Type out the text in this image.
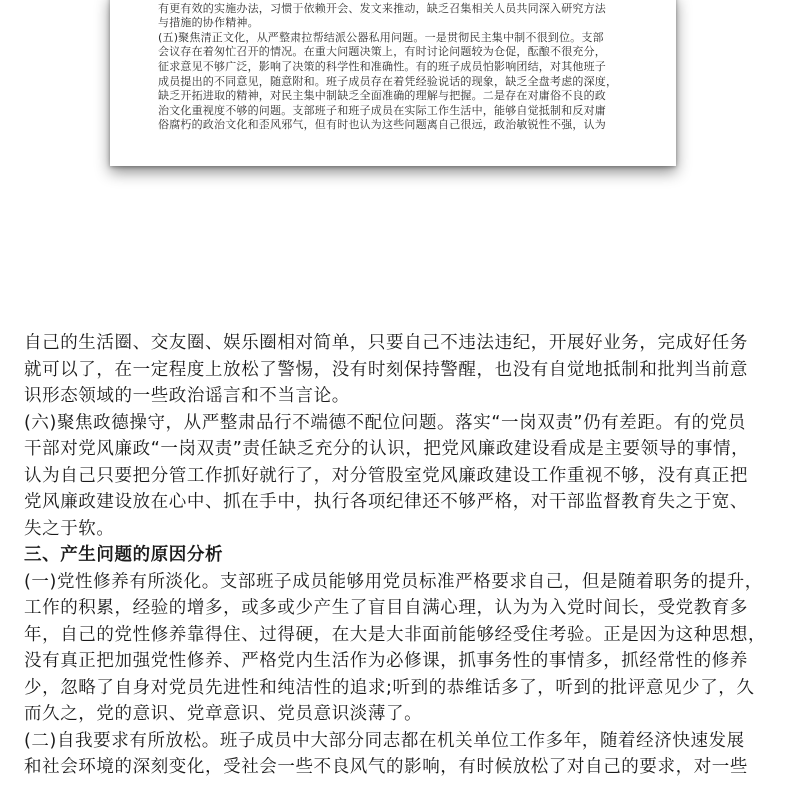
有更有效的实施办法，习惯于依赖开会、发文来推动，缺乏召集相关人员共同深入研究方法
与措施的协作精神。
(五)聚焦清正文化，从严整肃拉帮结派公器私用问题。一是贯彻民主集中制不很到位。支部
会议存在着匆忙召开的情况。在重大问题决策上，有时讨论问题较为仓促，酝酿不很充分，
征求意见不够广泛，影响了决策的科学性和准确性。有的班子成员怕影响团结，对其他班子
成员提出的不同意见，随意附和。班子成员存在着凭经验说话的现象，缺乏全盘考虑的深度，
缺乏开拓进取的精神，对民主集中制缺乏全面准确的理解与把握。二是存在对庸俗不良的政
治文化重视度不够的问题。支部班子和班子成员在实际工作生活中，能够自觉抵制和反对庸
俗腐朽的政治文化和歪风邪气，但有时也认为这些问题离自己很远，政治敏锐性不强，认为
自己的生活圈、交友圈、娱乐圈相对简单，只要自己不违法违纪，开展好业务，完成好任务
就可以了，在一定程度上放松了警惕，没有时刻保持警醒，也没有自觉地抵制和批判当前意
识形态领域的一些政治谣言和不当言论。
(六)聚焦政德操守，从严整肃品行不端德不配位问题。落实“一岗双责”仍有差距。有的党员
干部对党风廉政“一岗双责”责任缺乏充分的认识，把党风廉政建设看成是主要领导的事情，
认为自己只要把分管工作抓好就行了，对分管股室党风廉政建设工作重视不够，没有真正把
党风廉政建设放在心中、抓在手中，执行各项纪律还不够严格，对干部监督教育失之于宽、
失之于软。
三、产生问题的原因分析
(一)党性修养有所淡化。支部班子成员能够用党员标准严格要求自己，但是随着职务的提升，
工作的积累，经验的增多，或多或少产生了盲目自满心理，认为为入党时间长，受党教育多
年，自己的党性修养靠得住、过得硬，在大是大非面前能够经受住考验。正是因为这种思想，
没有真正把加强党性修养、严格党内生活作为必修课，抓事务性的事情多，抓经常性的修养
少，忽略了自身对党员先进性和纯洁性的追求;听到的恭维话多了，听到的批评意见少了，久
而久之，党的意识、党章意识、党员意识淡薄了。
(二)自我要求有所放松。班子成员中大部分同志都在机关单位工作多年，随着经济快速发展
和社会环境的深刻变化，受社会一些不良风气的影响，有时候放松了对自己的要求，对一些
